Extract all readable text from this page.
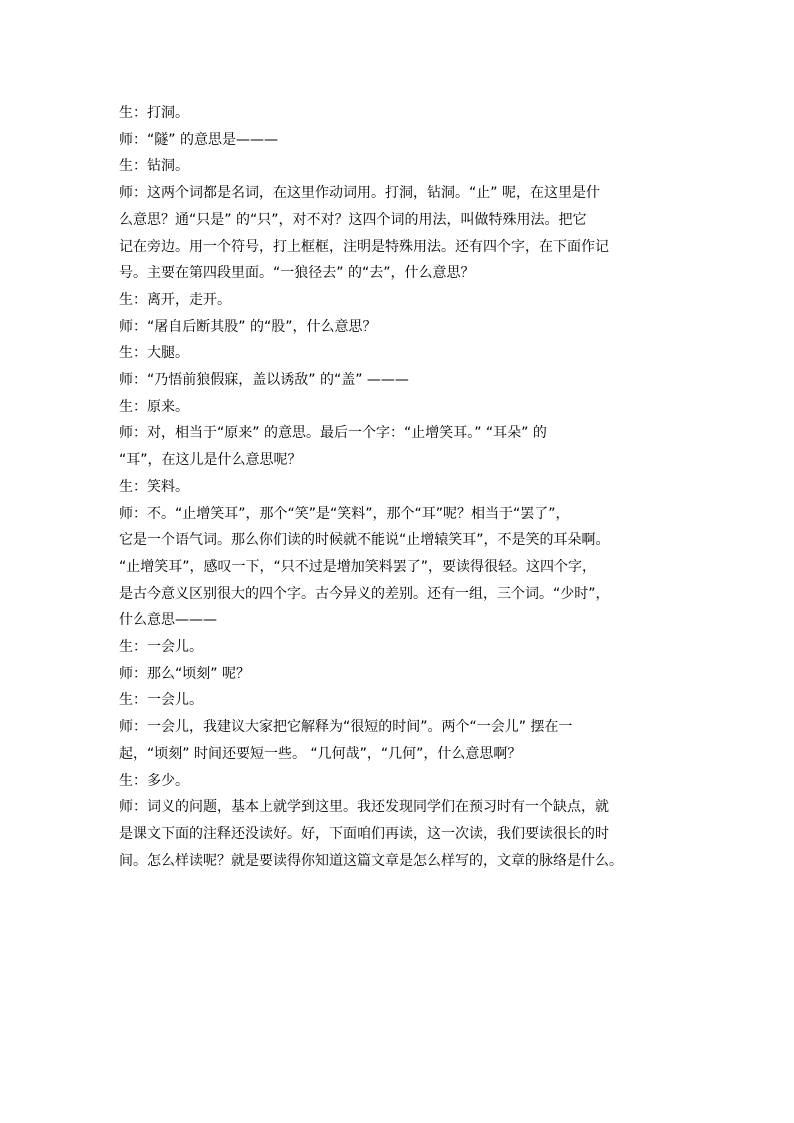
生：打洞。
师：“隧” 的意思是———
生：钻洞。
师：这两个词都是名词，在这里作动词用。打洞，钻洞。“止” 呢，在这里是什
么意思？通“只是” 的“只”，对不对？这四个词的用法，叫做特殊用法。把它
记在旁边。用一个符号，打上框框，注明是特殊用法。还有四个字，在下面作记
号。主要在第四段里面。“一狼径去” 的“去”，什么意思？
生：离开，走开。
师：“屠自后断其股” 的“股”，什么意思？
生：大腿。
师：“乃悟前狼假寐，盖以诱敌” 的“盖” ———
生：原来。
师：对，相当于“原来” 的意思。最后一个字：“止增笑耳。” “耳朵” 的
“耳”，在这儿是什么意思呢？
生：笑料。
师：不。“止增笑耳”，那个“笑”是“笑料”，那个“耳”呢？相当于“罢了”，
它是一个语气词。那么你们读的时候就不能说“止增辕笑耳”，不是笑的耳朵啊。
“止增笑耳”，感叹一下，“只不过是增加笑料罢了”，要读得很轻。这四个字，
是古今意义区别很大的四个字。古今异义的差别。还有一组，三个词。“少时”，
什么意思———
生：一会儿。
师：那么“顷刻” 呢？
生：一会儿。
师：一会儿，我建议大家把它解释为“很短的时间”。两个“一会儿” 摆在一
起，“顷刻” 时间还要短一些。 “几何哉”，“几何”，什么意思啊？
生：多少。
师：词义的问题，基本上就学到这里。我还发现同学们在预习时有一个缺点，就
是课文下面的注释还没读好。好，下面咱们再读，这一次读，我们要读很长的时
间。怎么样读呢？就是要读得你知道这篇文章是怎么样写的，文章的脉络是什么。
